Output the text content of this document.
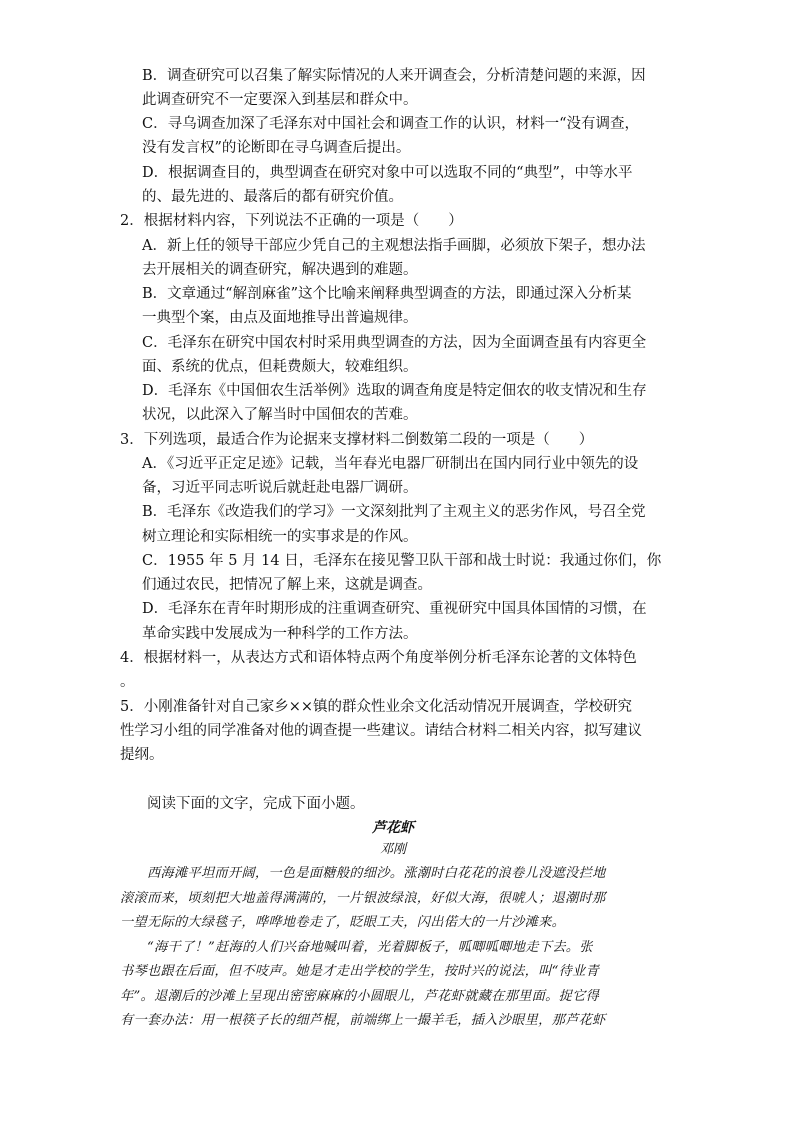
B．调查研究可以召集了解实际情况的人来开调查会，分析清楚问题的来源，因
此调查研究不一定要深入到基层和群众中。
C．寻乌调查加深了毛泽东对中国社会和调查工作的认识，材料一“没有调查，
没有发言权”的论断即在寻乌调查后提出。
D．根据调查目的，典型调查在研究对象中可以选取不同的“典型”，中等水平
的、最先进的、最落后的都有研究价值。
2．根据材料内容，下列说法不正确的一项是（　　）
A．新上任的领导干部应少凭自己的主观想法指手画脚，必须放下架子，想办法
去开展相关的调查研究，解决遇到的难题。
B．文章通过“解剖麻雀”这个比喻来阐释典型调查的方法，即通过深入分析某
一典型个案，由点及面地推导出普遍规律。
C．毛泽东在研究中国农村时采用典型调查的方法，因为全面调查虽有内容更全
面、系统的优点，但耗费颇大，较难组织。
D．毛泽东《中国佃农生活举例》选取的调查角度是特定佃农的收支情况和生存
状况，以此深入了解当时中国佃农的苦难。
3．下列选项，最适合作为论据来支撑材料二倒数第二段的一项是（　　）
A．《习近平正定足迹》记载，当年春光电器厂研制出在国内同行业中领先的设
备，习近平同志听说后就赶赴电器厂调研。
B．毛泽东《改造我们的学习》一文深刻批判了主观主义的恶劣作风，号召全党
树立理论和实际相统一的实事求是的作风。
C．1955 年 5 月 14 日，毛泽东在接见警卫队干部和战士时说：我通过你们，你
们通过农民，把情况了解上来，这就是调查。
D．毛泽东在青年时期形成的注重调查研究、重视研究中国具体国情的习惯，在
革命实践中发展成为一种科学的工作方法。
4．根据材料一，从表达方式和语体特点两个角度举例分析毛泽东论著的文体特色
。
5．小刚准备针对自己家乡××镇的群众性业余文化活动情况开展调查，学校研究
性学习小组的同学准备对他的调查提一些建议。请结合材料二相关内容，拟写建议
提纲。
阅读下面的文字，完成下面小题。
芦花虾
邓刚
西海滩平坦而开阔，一色是面糖般的细沙。涨潮时白花花的浪卷儿没遮没拦地
滚滚而来，顷刻把大地盖得满满的，一片银波绿浪，好似大海，很唬人；退潮时那
一望无际的大绿毯子，哗哗地卷走了，眨眼工夫，闪出偌大的一片沙滩来。
“海干了！”赶海的人们兴奋地喊叫着，光着脚板子，呱唧呱唧地走下去。张
书琴也跟在后面，但不吱声。她是才走出学校的学生，按时兴的说法，叫“待业青
年”。退潮后的沙滩上呈现出密密麻麻的小圆眼儿，芦花虾就藏在那里面。捉它得
有一套办法：用一根筷子长的细芦棍，前端绑上一撮羊毛，插入沙眼里，那芦花虾
